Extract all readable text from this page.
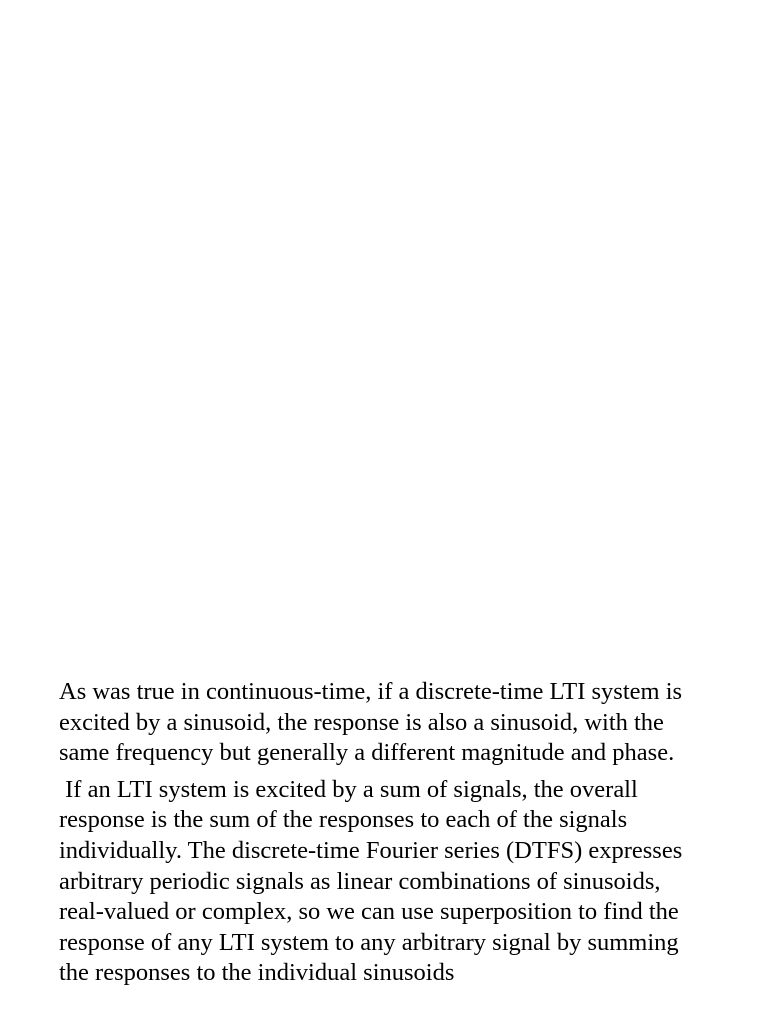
As was true in continuous-time, if a discrete-time LTI system is
excited by a sinusoid, the response is also a sinusoid, with the
same frequency but generally a different magnitude and phase.
If an LTI system is excited by a sum of signals, the overall
response is the sum of the responses to each of the signals
individually. The discrete-time Fourier series (DTFS) expresses
arbitrary periodic signals as linear combinations of sinusoids,
real-valued or complex, so we can use superposition to find the
response of any LTI system to any arbitrary signal by summing
the responses to the individual sinusoids
